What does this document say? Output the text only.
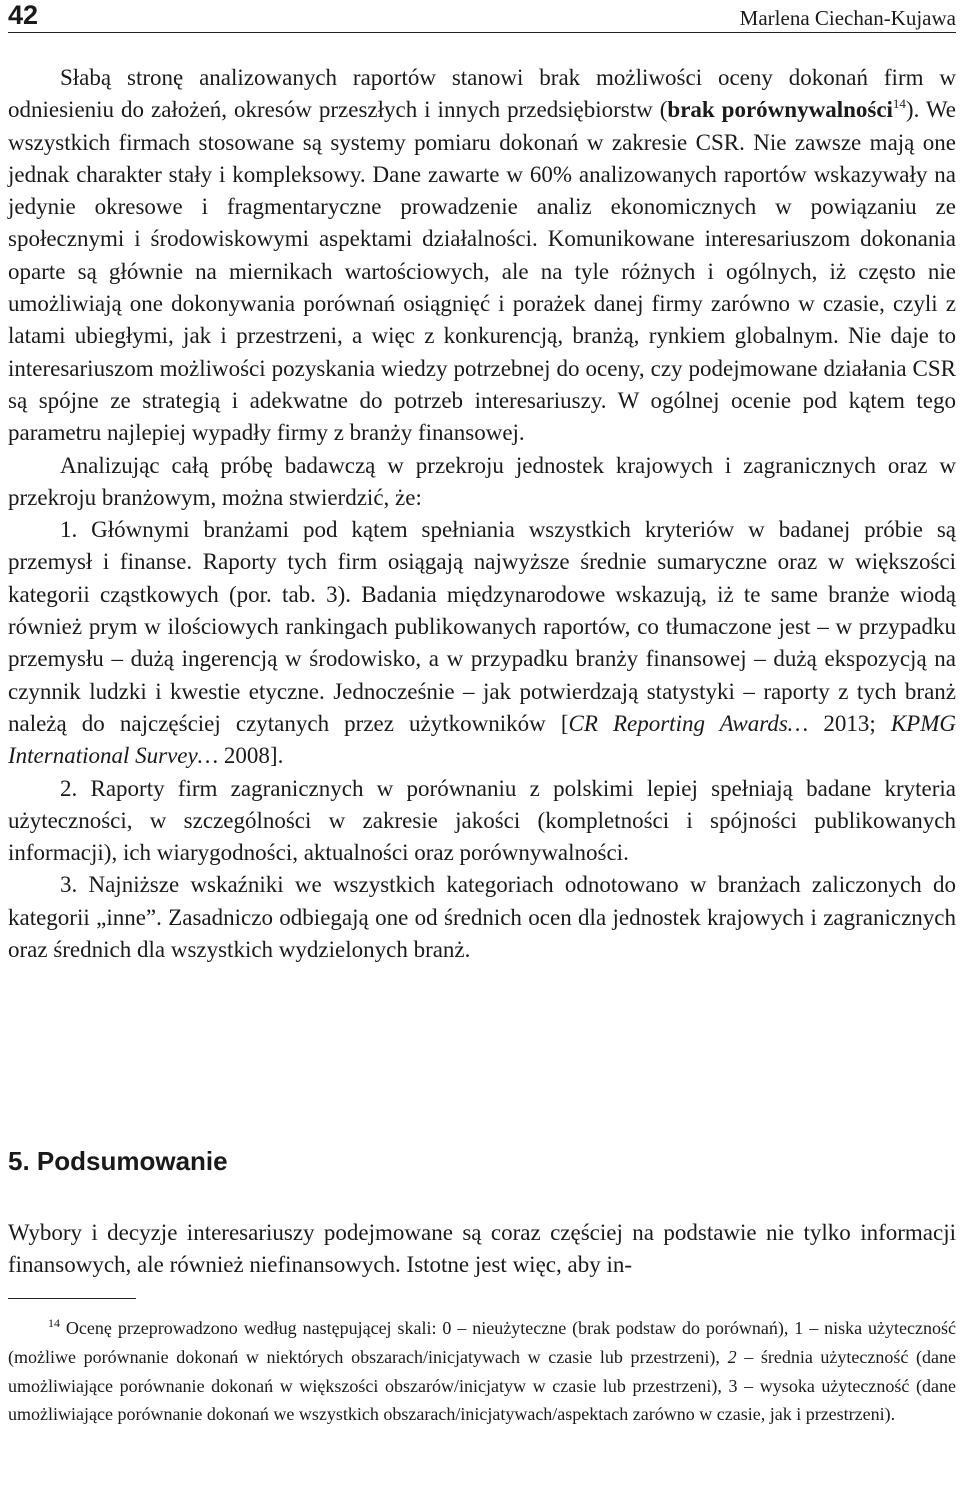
42	Marlena Ciechan-Kujawa

Słabą stronę analizowanych raportów stanowi brak możliwości oceny dokonań firm w odniesieniu do założeń, okresów przeszłych i innych przedsiębiorstw (brak porównywalności$^{14}$). We wszystkich firmach stosowane są systemy pomiaru dokonań w zakresie CSR. Nie zawsze mają one jednak charakter stały i kompleksowy. Dane zawarte w 60% analizowanych raportów wskazywały na jedynie okresowe i fragmentaryczne prowadzenie analiz ekonomicznych w powiązaniu ze społecznymi i środowiskowymi aspektami działalności. Komunikowane interesariuszom dokonania oparte są głównie na miernikach wartościowych, ale na tyle różnych i ogólnych, iż często nie umożliwiają one dokonywania porównań osiągnięć i porażek danej firmy zarówno w czasie, czyli z latami ubiegłymi, jak i przestrzeni, a więc z konkurencją, branżą, rynkiem globalnym. Nie daje to interesariuszom możliwości pozyskania wiedzy potrzebnej do oceny, czy podejmowane działania CSR są spójne ze strategią i adekwatne do potrzeb interesariuszy. W ogólnej ocenie pod kątem tego parametru najlepiej wypadły firmy z branży finansowej.

Analizując całą próbę badawczą w przekroju jednostek krajowych i zagranicznych oraz w przekroju branżowym, można stwierdzić, że:

1. Głównymi branżami pod kątem spełniania wszystkich kryteriów w badanej próbie są przemysł i finanse. Raporty tych firm osiągają najwyższe średnie sumaryczne oraz w większości kategorii cząstkowych (por. tab. 3). Badania międzynarodowe wskazują, iż te same branże wiodą również prym w ilościowych rankingach publikowanych raportów, co tłumaczone jest – w przypadku przemysłu – dużą ingerencją w środowisko, a w przypadku branży finansowej – dużą ekspozycją na czynnik ludzki i kwestie etyczne. Jednocześnie – jak potwierdzają statystyki – raporty z tych branż należą do najczęściej czytanych przez użytkowników [CR Reporting Awards… 2013; KPMG International Survey… 2008].

2. Raporty firm zagranicznych w porównaniu z polskimi lepiej spełniają badane kryteria użyteczności, w szczególności w zakresie jakości (kompletności i spójności publikowanych informacji), ich wiarygodności, aktualności oraz porównywalności.

3. Najniższe wskaźniki we wszystkich kategoriach odnotowano w branżach zaliczonych do kategorii „inne”. Zasadniczo odbiegają one od średnich ocen dla jednostek krajowych i zagranicznych oraz średnich dla wszystkich wydzielonych branż.

5. Podsumowanie

Wybory i decyzje interesariuszy podejmowane są coraz częściej na podstawie nie tylko informacji finansowych, ale również niefinansowych. Istotne jest więc, aby in-

$^{14}$ Ocenę przeprowadzono według następującej skali: 0 – nieużyteczne (brak podstaw do porównań), 1 – niska użyteczność (możliwe porównanie dokonań w niektórych obszarach/inicjatywach w czasie lub przestrzeni), 2 – średnia użyteczność (dane umożliwiające porównanie dokonań w większości obszarów/inicjatyw w czasie lub przestrzeni), 3 – wysoka użyteczność (dane umożliwiające porównanie dokonań we wszystkich obszarach/inicjatywach/aspektach zarówno w czasie, jak i przestrzeni).
